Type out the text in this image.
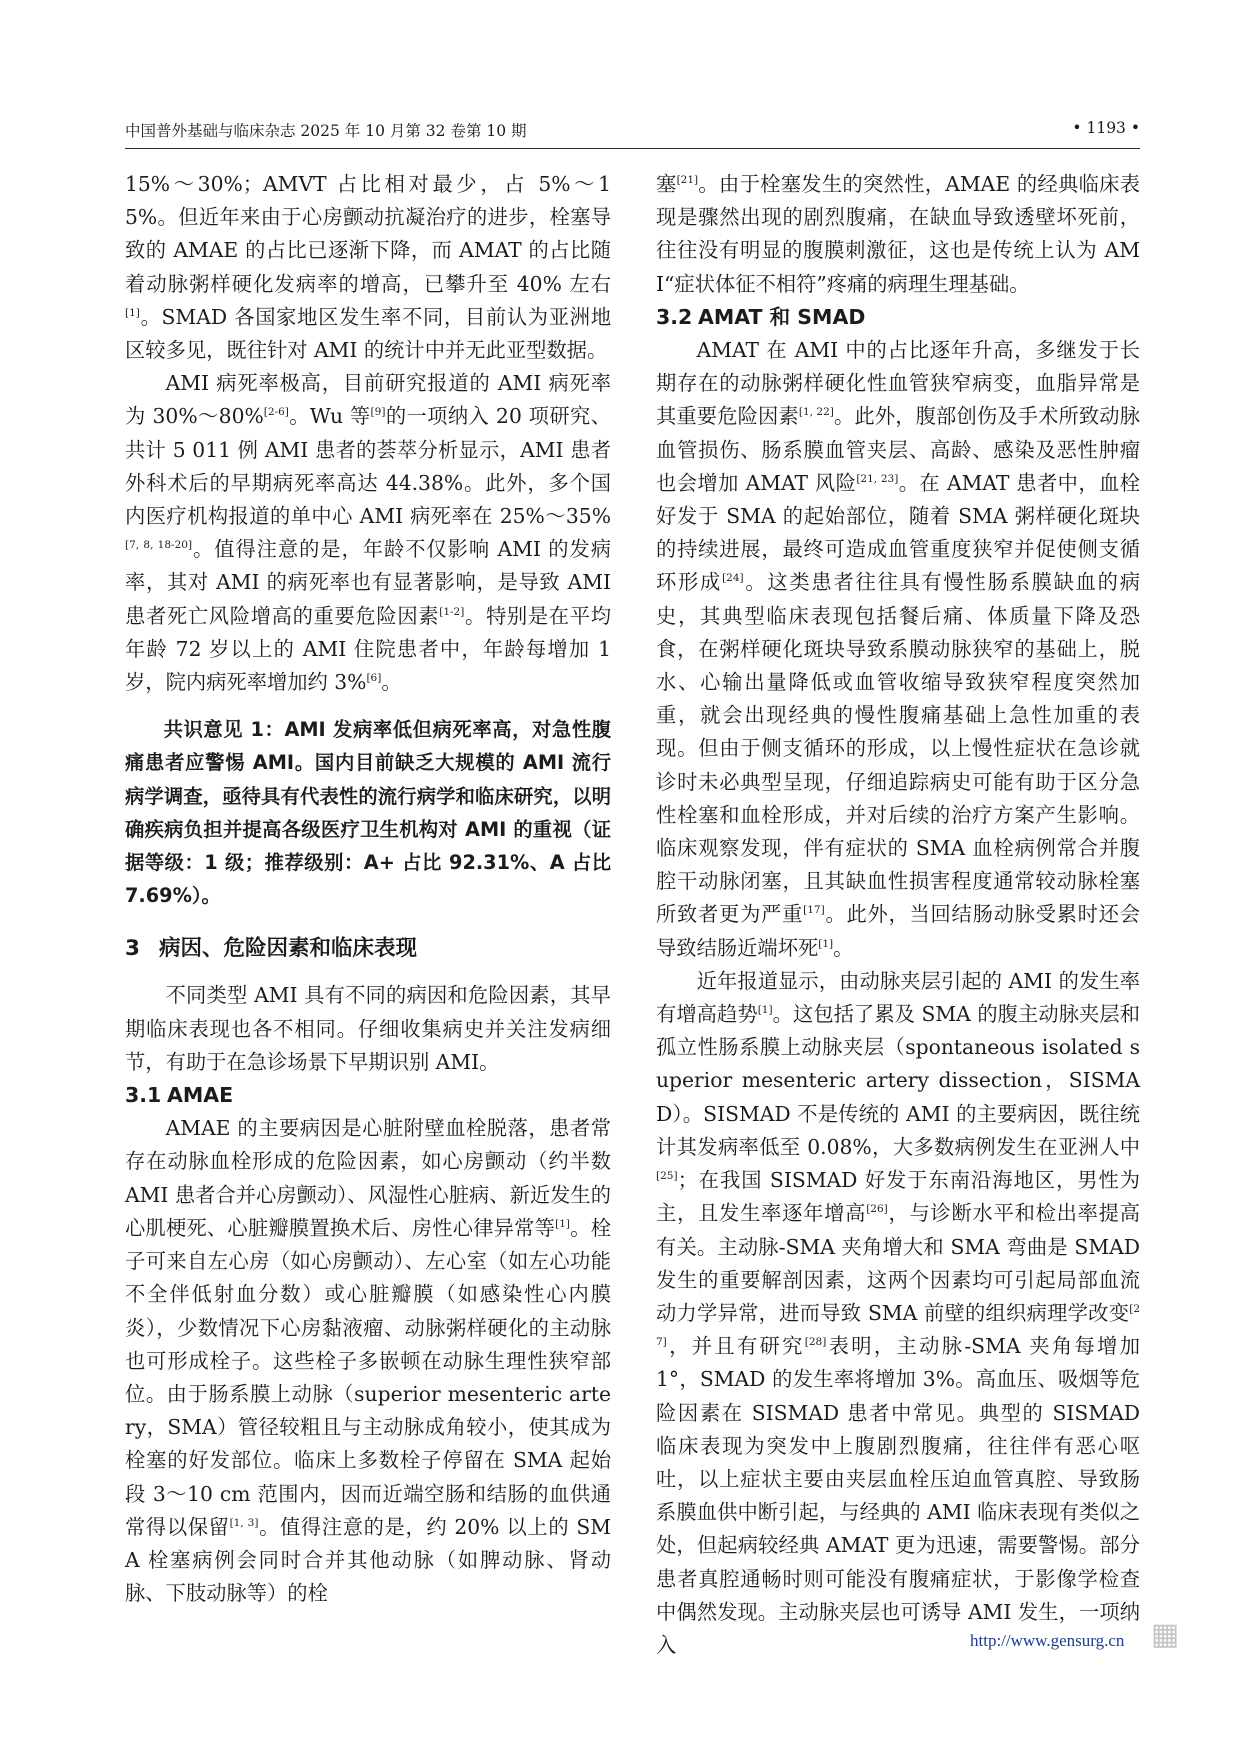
中国普外基础与临床杂志 2025 年 10 月第 32 卷第 10 期	• 1193 •

15%～30%；AMVT 占比相对最少，占 5%～15%。但近年来由于心房颤动抗凝治疗的进步，栓塞导致的 AMAE 的占比已逐渐下降，而 AMAT 的占比随着动脉粥样硬化发病率的增高，已攀升至 40% 左右[1]。SMAD 各国家地区发生率不同，目前认为亚洲地区较多见，既往针对 AMI 的统计中并无此亚型数据。

AMI 病死率极高，目前研究报道的 AMI 病死率为 30%～80%[2-6]。Wu 等[9]的一项纳入 20 项研究、共计 5 011 例 AMI 患者的荟萃分析显示，AMI 患者外科术后的早期病死率高达 44.38%。此外，多个国内医疗机构报道的单中心 AMI 病死率在 25%～35%[7, 8, 18-20]。值得注意的是，年龄不仅影响 AMI 的发病率，其对 AMI 的病死率也有显著影响，是导致 AMI 患者死亡风险增高的重要危险因素[1-2]。特别是在平均年龄 72 岁以上的 AMI 住院患者中，年龄每增加 1 岁，院内病死率增加约 3%[6]。

共识意见 1：AMI 发病率低但病死率高，对急性腹痛患者应警惕 AMI。国内目前缺乏大规模的 AMI 流行病学调查，亟待具有代表性的流行病学和临床研究，以明确疾病负担并提高各级医疗卫生机构对 AMI 的重视（证据等级：1 级；推荐级别：A+ 占比 92.31%、A 占比 7.69%）。

3 病因、危险因素和临床表现

不同类型 AMI 具有不同的病因和危险因素，其早期临床表现也各不相同。仔细收集病史并关注发病细节，有助于在急诊场景下早期识别 AMI。

3.1 AMAE

AMAE 的主要病因是心脏附壁血栓脱落，患者常存在动脉血栓形成的危险因素，如心房颤动（约半数 AMI 患者合并心房颤动）、风湿性心脏病、新近发生的心肌梗死、心脏瓣膜置换术后、房性心律异常等[1]。栓子可来自左心房（如心房颤动）、左心室（如左心功能不全伴低射血分数）或心脏瓣膜（如感染性心内膜炎），少数情况下心房黏液瘤、动脉粥样硬化的主动脉也可形成栓子。这些栓子多嵌顿在动脉生理性狭窄部位。由于肠系膜上动脉（superior mesenteric artery，SMA）管径较粗且与主动脉成角较小，使其成为栓塞的好发部位。临床上多数栓子停留在 SMA 起始段 3～10 cm 范围内，因而近端空肠和结肠的血供通常得以保留[1, 3]。值得注意的是，约 20% 以上的 SMA 栓塞病例会同时合并其他动脉（如脾动脉、肾动脉、下肢动脉等）的栓

塞[21]。由于栓塞发生的突然性，AMAE 的经典临床表现是骤然出现的剧烈腹痛，在缺血导致透壁坏死前，往往没有明显的腹膜刺激征，这也是传统上认为 AMI“症状体征不相符”疼痛的病理生理基础。

3.2 AMAT 和 SMAD

AMAT 在 AMI 中的占比逐年升高，多继发于长期存在的动脉粥样硬化性血管狭窄病变，血脂异常是其重要危险因素[1, 22]。此外，腹部创伤及手术所致动脉血管损伤、肠系膜血管夹层、高龄、感染及恶性肿瘤也会增加 AMAT 风险[21, 23]。在 AMAT 患者中，血栓好发于 SMA 的起始部位，随着 SMA 粥样硬化斑块的持续进展，最终可造成血管重度狭窄并促使侧支循环形成[24]。这类患者往往具有慢性肠系膜缺血的病史，其典型临床表现包括餐后痛、体质量下降及恐食，在粥样硬化斑块导致系膜动脉狭窄的基础上，脱水、心输出量降低或血管收缩导致狭窄程度突然加重，就会出现经典的慢性腹痛基础上急性加重的表现。但由于侧支循环的形成，以上慢性症状在急诊就诊时未必典型呈现，仔细追踪病史可能有助于区分急性栓塞和血栓形成，并对后续的治疗方案产生影响。临床观察发现，伴有症状的 SMA 血栓病例常合并腹腔干动脉闭塞，且其缺血性损害程度通常较动脉栓塞所致者更为严重[17]。此外，当回结肠动脉受累时还会导致结肠近端坏死[1]。

近年报道显示，由动脉夹层引起的 AMI 的发生率有增高趋势[1]。这包括了累及 SMA 的腹主动脉夹层和孤立性肠系膜上动脉夹层（spontaneous isolated superior mesenteric artery dissection，SISMAD）。SISMAD 不是传统的 AMI 的主要病因，既往统计其发病率低至 0.08%，大多数病例发生在亚洲人中[25]；在我国 SISMAD 好发于东南沿海地区，男性为主，且发生率逐年增高[26]，与诊断水平和检出率提高有关。主动脉-SMA 夹角增大和 SMA 弯曲是 SMAD 发生的重要解剖因素，这两个因素均可引起局部血流动力学异常，进而导致 SMA 前壁的组织病理学改变[27]，并且有研究[28]表明，主动脉-SMA 夹角每增加 1°，SMAD 的发生率将增加 3%。高血压、吸烟等危险因素在 SISMAD 患者中常见。典型的 SISMAD 临床表现为突发中上腹剧烈腹痛，往往伴有恶心呕吐，以上症状主要由夹层血栓压迫血管真腔、导致肠系膜血供中断引起，与经典的 AMI 临床表现有类似之处，但起病较经典 AMAT 更为迅速，需要警惕。部分患者真腔通畅时则可能没有腹痛症状，于影像学检查中偶然发现。主动脉夹层也可诱导 AMI 发生，一项纳入	http://www.gensurg.cn ▦
